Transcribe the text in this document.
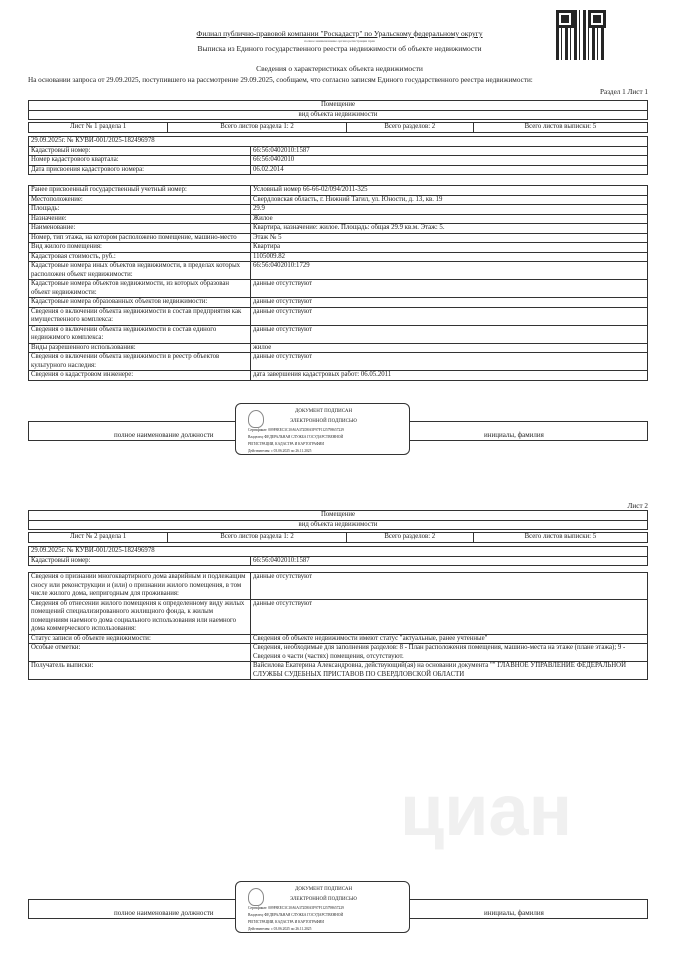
циан
Филиал публично-правовой компании "Роскадастр" по Уральскому федеральному округу
полное наименование органа регистрации прав
Выписка из Единого государственного реестра недвижимости об объекте недвижимости
Сведения о характеристиках объекта недвижимости
На основании запроса от 29.09.2025, поступившего на рассмотрение 29.09.2025, сообщаем, что согласно записям Единого государственного реестра недвижимости:
Раздел 1 Лист 1
Помещение
вид объекта недвижимости
Лист № 1 раздела 1	Всего листов раздела 1: 2	Всего разделов: 2	Всего листов выписки: 5
29.09.2025г. № КУВИ-001/2025-182496978	
Кадастровый номер:	66:56:0402010:1587
Номер кадастрового квартала:	66:56:0402010
Дата присвоения кадастрового номера:	06.02.2014
Ранее присвоенный государственный учетный номер:	Условный номер 66-66-02/094/2011-325
Местоположение:	Свердловская область, г. Нижний Тагил, ул. Юности, д. 13, кв. 19
Площадь:	29.9
Назначение:	Жилое
Наименование:	Квартира, назначение: жилое. Площадь: общая 29.9 кв.м. Этаж: 5.
Номер, тип этажа, на котором расположено помещение, машино-место	Этаж № 5
Вид жилого помещения:	Квартира
Кадастровая стоимость, руб.:	1105009.82
Кадастровые номера иных объектов недвижимости, в пределах которых расположен объект недвижимости:	66:56:0402010:1729
Кадастровые номера объектов недвижимости, из которых образован объект недвижимости:	данные отсутствуют
Кадастровые номера образованных объектов недвижимости:	данные отсутствуют
Сведения о включении объекта недвижимости в состав предприятия как имущественного комплекса:	данные отсутствуют
Сведения о включении объекта недвижимости в состав единого недвижимого комплекса:	данные отсутствуют
Виды разрешенного использования:	жилое
Сведения о включении объекта недвижимости в реестр объектов культурного наследия:	данные отсутствуют
Сведения о кадастровом инженере:	дата завершения кадастровых работ: 06.05.2011
полное наименование должности	инициалы, фамилия
ДОКУМЕНТ ПОДПИСАН
ЭЛЕКТРОННОЙ ПОДПИСЬЮ
Сертификат: 009F8ЕЕС3С10A6А372D8A5F97F1125798657229
Владелец: ФЕДЕРАЛЬНАЯ СЛУЖБА ГОСУДАРСТВЕННОЙ
РЕГИСТРАЦИИ, КАДАСТРА И КАРТОГРАФИИ
Действителен: с 03.06.2025 по 26.11.2025
Лист 2
Помещение
вид объекта недвижимости
Лист № 2 раздела 1	Всего листов раздела 1: 2	Всего разделов: 2	Всего листов выписки: 5
29.09.2025г. № КУВИ-001/2025-182496978
Кадастровый номер:	66:56:0402010:1587
Сведения о признании многоквартирного дома аварийным и подлежащим сносу или реконструкции и (или) о признании жилого помещения, в том числе жилого дома, непригодным для проживания:	данные отсутствуют
Сведения об отнесении жилого помещения к определенному виду жилых помещений специализированного жилищного фонда, к жилым помещениям наемного дома социального использования или наемного дома коммерческого использования:	данные отсутствуют
Статус записи об объекте недвижимости:	Сведения об объекте недвижимости имеют статус "актуальные, ранее учтенные"
Особые отметки:	Сведения, необходимые для заполнения разделов: 8 - План расположения помещения, машино-места на этаже (плане этажа); 9 - Сведения о части (частях) помещения, отсутствуют.
Получатель выписки:	Вайсилова Екатерина Александровна, действующий(ая) на основании документа "" ГЛАВНОЕ УПРАВЛЕНИЕ ФЕДЕРАЛЬНОЙ СЛУЖБЫ СУДЕБНЫХ ПРИСТАВОВ ПО СВЕРДЛОВСКОЙ ОБЛАСТИ
полное наименование должности	инициалы, фамилия
ДОКУМЕНТ ПОДПИСАН
ЭЛЕКТРОННОЙ ПОДПИСЬЮ
Сертификат: 009F8ЕЕС3С10A6А372D8A5F97F1125798657229
Владелец: ФЕДЕРАЛЬНАЯ СЛУЖБА ГОСУДАРСТВЕННОЙ
РЕГИСТРАЦИИ, КАДАСТРА И КАРТОГРАФИИ
Действителен: с 03.06.2025 по 26.11.2025
